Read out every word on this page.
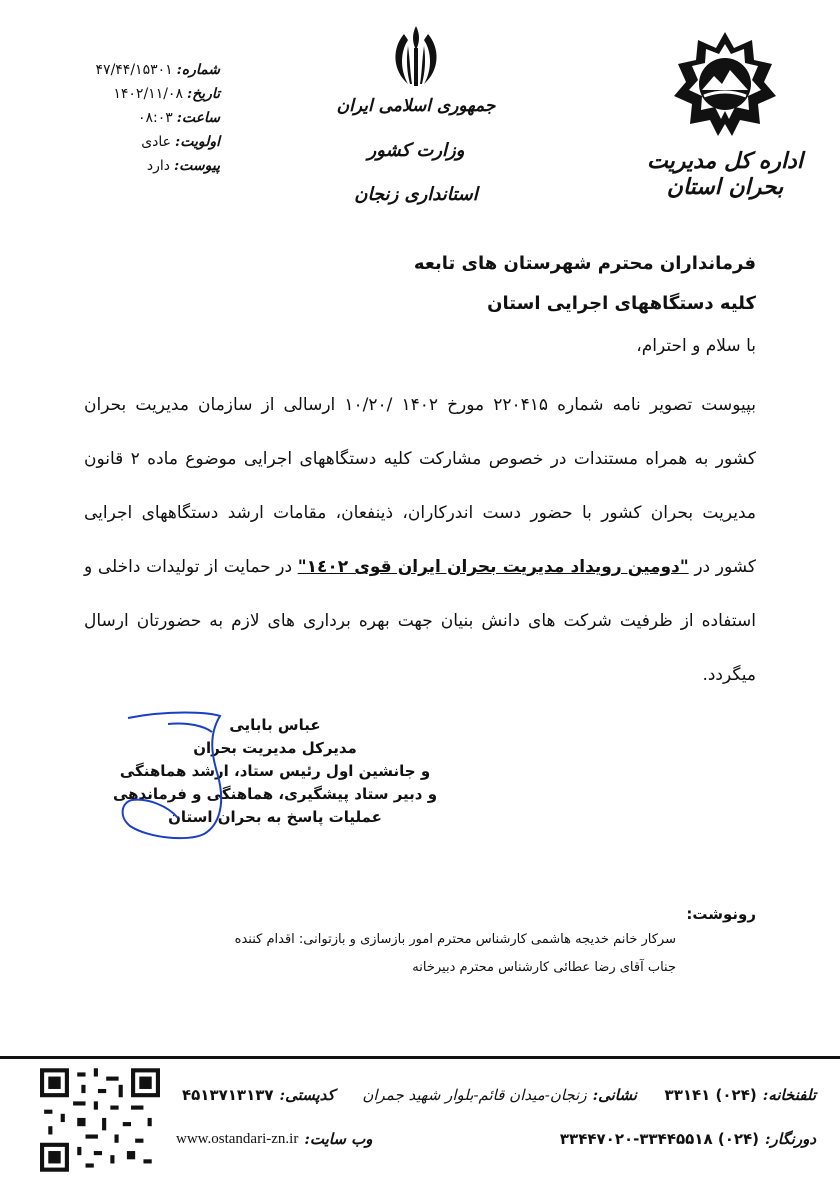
اداره کل مدیریت بحران استان
جمهوری اسلامی ایران
وزارت کشور
استانداری زنجان
شماره:
۴۷/۴۴/۱۵۳۰۱
تاریخ:
۱۴۰۲/۱۱/۰۸
ساعت:
۰۸:۰۳
اولویت:
عادی
پیوست:
دارد
فرمانداران محترم شهرستان های تابعه
کلیه دستگاههای اجرایی استان
با سلام و احترام،
بپیوست تصویر نامه شماره ۲۲۰۴۱۵ مورخ ۱۴۰۲ /۱۰/۲۰ ارسالی از سازمان مدیریت بحران کشور به همراه مستندات در خصوص مشارکت کلیه دستگاههای اجرایی موضوع ماده ۲ قانون مدیریت بحران کشور با حضور دست اندرکاران، ذینفعان، مقامات ارشد دستگاههای اجرایی کشور در "دومین رویداد مدیریت بحران ایران قوی ۱٤۰۲" در حمایت از تولیدات داخلی و استفاده از ظرفیت شرکت های دانش بنیان جهت بهره برداری های لازم به حضورتان ارسال میگردد.
عباس بابایی
مدیرکل مدیریت بحران
و جانشین اول رئیس ستاد، ارشد هماهنگی
و دبیر ستاد پیشگیری، هماهنگی و فرماندهی
عملیات پاسخ به بحران استان
رونوشت:
سرکار خانم خدیجه هاشمی کارشناس محترم امور بازسازی و بازتوانی: اقدام کننده
جناب آقای رضا عطائی کارشناس محترم دبیرخانه
تلفنخانه:
(۰۲۴) ۳۳۱۴۱
نشانی:
زنجان-میدان قائم-بلوار شهید جمران
کدپستی:
۴۵۱۳۷۱۳۱۳۷
دورنگار:
(۰۲۴) ۳۳۴۴۷۰۲۰-۳۳۴۴۵۵۱۸
وب سایت:
www.ostandari-zn.ir
